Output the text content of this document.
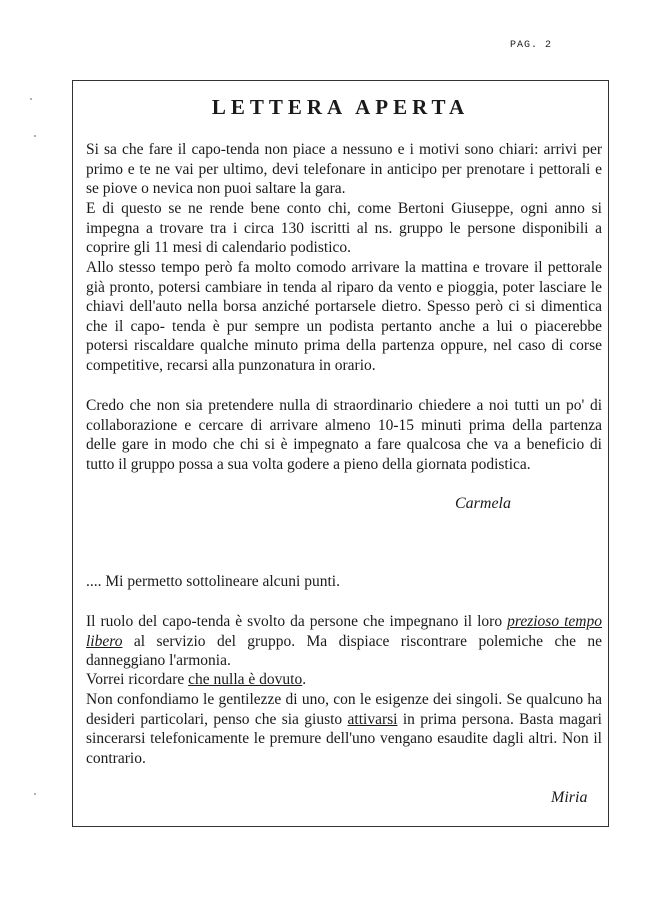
PAG. 2
LETTERA APERTA

Si sa che fare il capo-tenda non piace a nessuno e i motivi sono chiari: arrivi per primo e te ne vai per ultimo, devi telefonare in anticipo per prenotare i pettorali e se piove o nevica non puoi saltare la gara.

E di questo se ne rende bene conto chi, come Bertoni Giuseppe, ogni anno si impegna a trovare tra i circa 130 iscritti al ns. gruppo le persone disponibili a coprire gli 11 mesi di calendario podistico.

Allo stesso tempo però fa molto comodo arrivare la mattina e trovare il pettorale già pronto, potersi cambiare in tenda al riparo da vento e pioggia, poter lasciare le chiavi dell'auto nella borsa anziché portarsele dietro. Spesso però ci si dimentica che il capo- tenda è pur sempre un podista pertanto anche a lui o piacerebbe potersi riscaldare qualche minuto prima della partenza oppure, nel caso di corse competitive, recarsi alla punzonatura in orario.

Credo che non sia pretendere nulla di straordinario chiedere a noi tutti un po' di collaborazione e cercare di arrivare almeno 10-15 minuti prima della partenza delle gare in modo che chi si è impegnato a fare qualcosa che va a beneficio di tutto il gruppo possa a sua volta godere a pieno della giornata podistica.

Carmela

.... Mi permetto sottolineare alcuni punti.

Il ruolo del capo-tenda è svolto da persone che impegnano il loro prezioso tempo libero al servizio del gruppo. Ma dispiace riscontrare polemiche che ne danneggiano l'armonia.

Vorrei ricordare che nulla è dovuto.

Non confondiamo le gentilezze di uno, con le esigenze dei singoli. Se qualcuno ha desideri particolari, penso che sia giusto attivarsi in prima persona. Basta magari sincerarsi telefonicamente le premure dell'uno vengano esaudite dagli altri. Non il contrario.

Miria
